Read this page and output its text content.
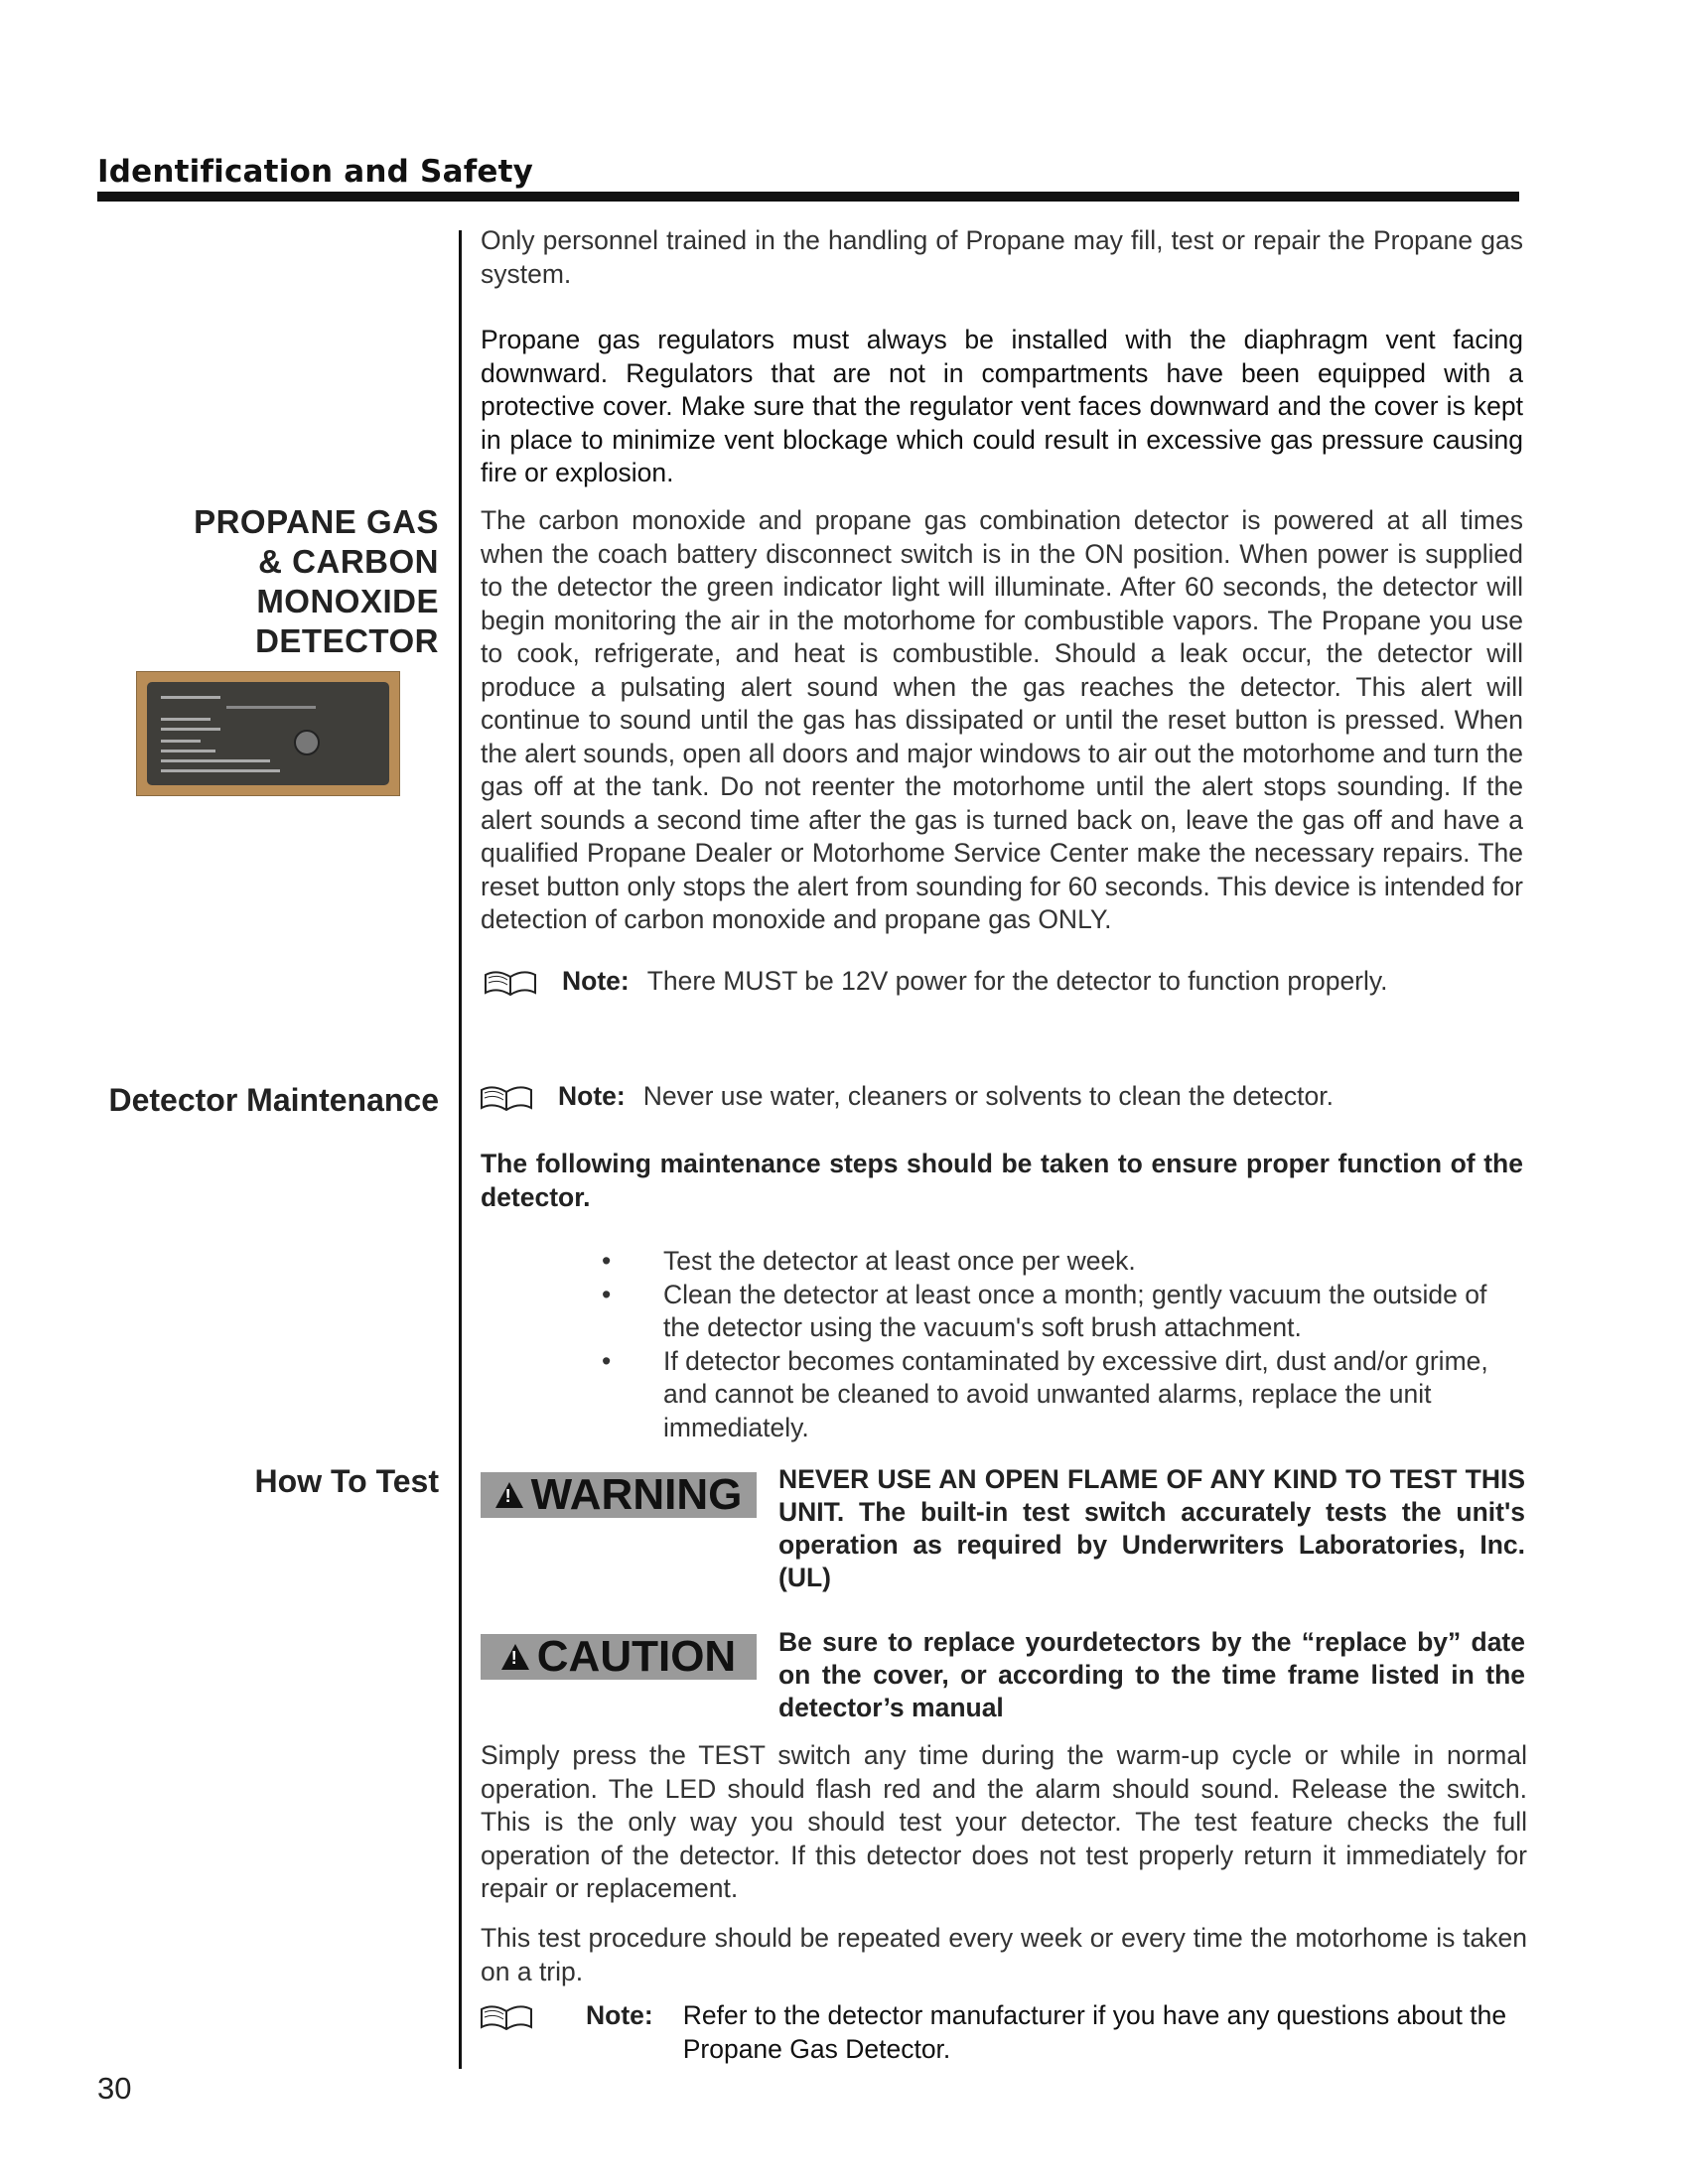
Identification and Safety
PROPANE GAS
& CARBON
MONOXIDE
DETECTOR
Detector Maintenance
How To Test

Only personnel trained in the handling of Propane may fill, test or repair the Propane gas system.

Propane gas regulators must always be installed with the diaphragm vent facing downward. Regulators that are not in compartments have been equipped with a protective cover. Make sure that the regulator vent faces downward and the cover is kept in place to minimize vent blockage which could result in excessive gas pressure causing fire or explosion.

The carbon monoxide and propane gas combination detector is powered at all times when the coach battery disconnect switch is in the ON position. When power is supplied to the detector the green indicator light will illuminate. After 60 seconds, the detector will begin monitoring the air in the motorhome for combustible vapors. The Propane you use to cook, refrigerate, and heat is combustible. Should a leak occur, the detector will produce a pulsating alert sound when the gas reaches the detector. This alert will continue to sound until the gas has dissipated or until the reset button is pressed. When the alert sounds, open all doors and major windows to air out the motorhome and turn the gas off at the tank. Do not reenter the motorhome until the alert stops sounding. If the alert sounds a second time after the gas is turned back on, leave the gas off and have a qualified Propane Dealer or Motorhome Service Center make the necessary repairs. The reset button only stops the alert from sounding for 60 seconds. This device is intended for detection of carbon monoxide and propane gas ONLY.

Note: There MUST be 12V power for the detector to function properly.
Note: Never use water, cleaners or solvents to clean the detector.

The following maintenance steps should be taken to ensure proper function of the detector.

• Test the detector at least once per week.
• Clean the detector at least once a month; gently vacuum the outside of the detector using the vacuum's soft brush attachment.
• If detector becomes contaminated by excessive dirt, dust and/or grime, and cannot be cleaned to avoid unwanted alarms, replace the unit immediately.
!
WARNING NEVER USE AN OPEN FLAME OF ANY KIND TO TEST THIS UNIT. The built-in test switch accurately tests the unit's operation as required by Underwriters Laboratories, Inc. (UL)
!
CAUTION Be sure to replace yourdetectors by the “replace by” date on the cover, or according to the time frame listed in the detector’s manual

Simply press the TEST switch any time during the warm-up cycle or while in normal operation. The LED should flash red and the alarm should sound. Release the switch. This is the only way you should test your detector. The test feature checks the full operation of the detector. If this detector does not test properly return it immediately for repair or replacement.

This test procedure should be repeated every week or every time the motorhome is taken on a trip.

Note: Refer to the detector manufacturer if you have any questions about the Propane Gas Detector.
30
